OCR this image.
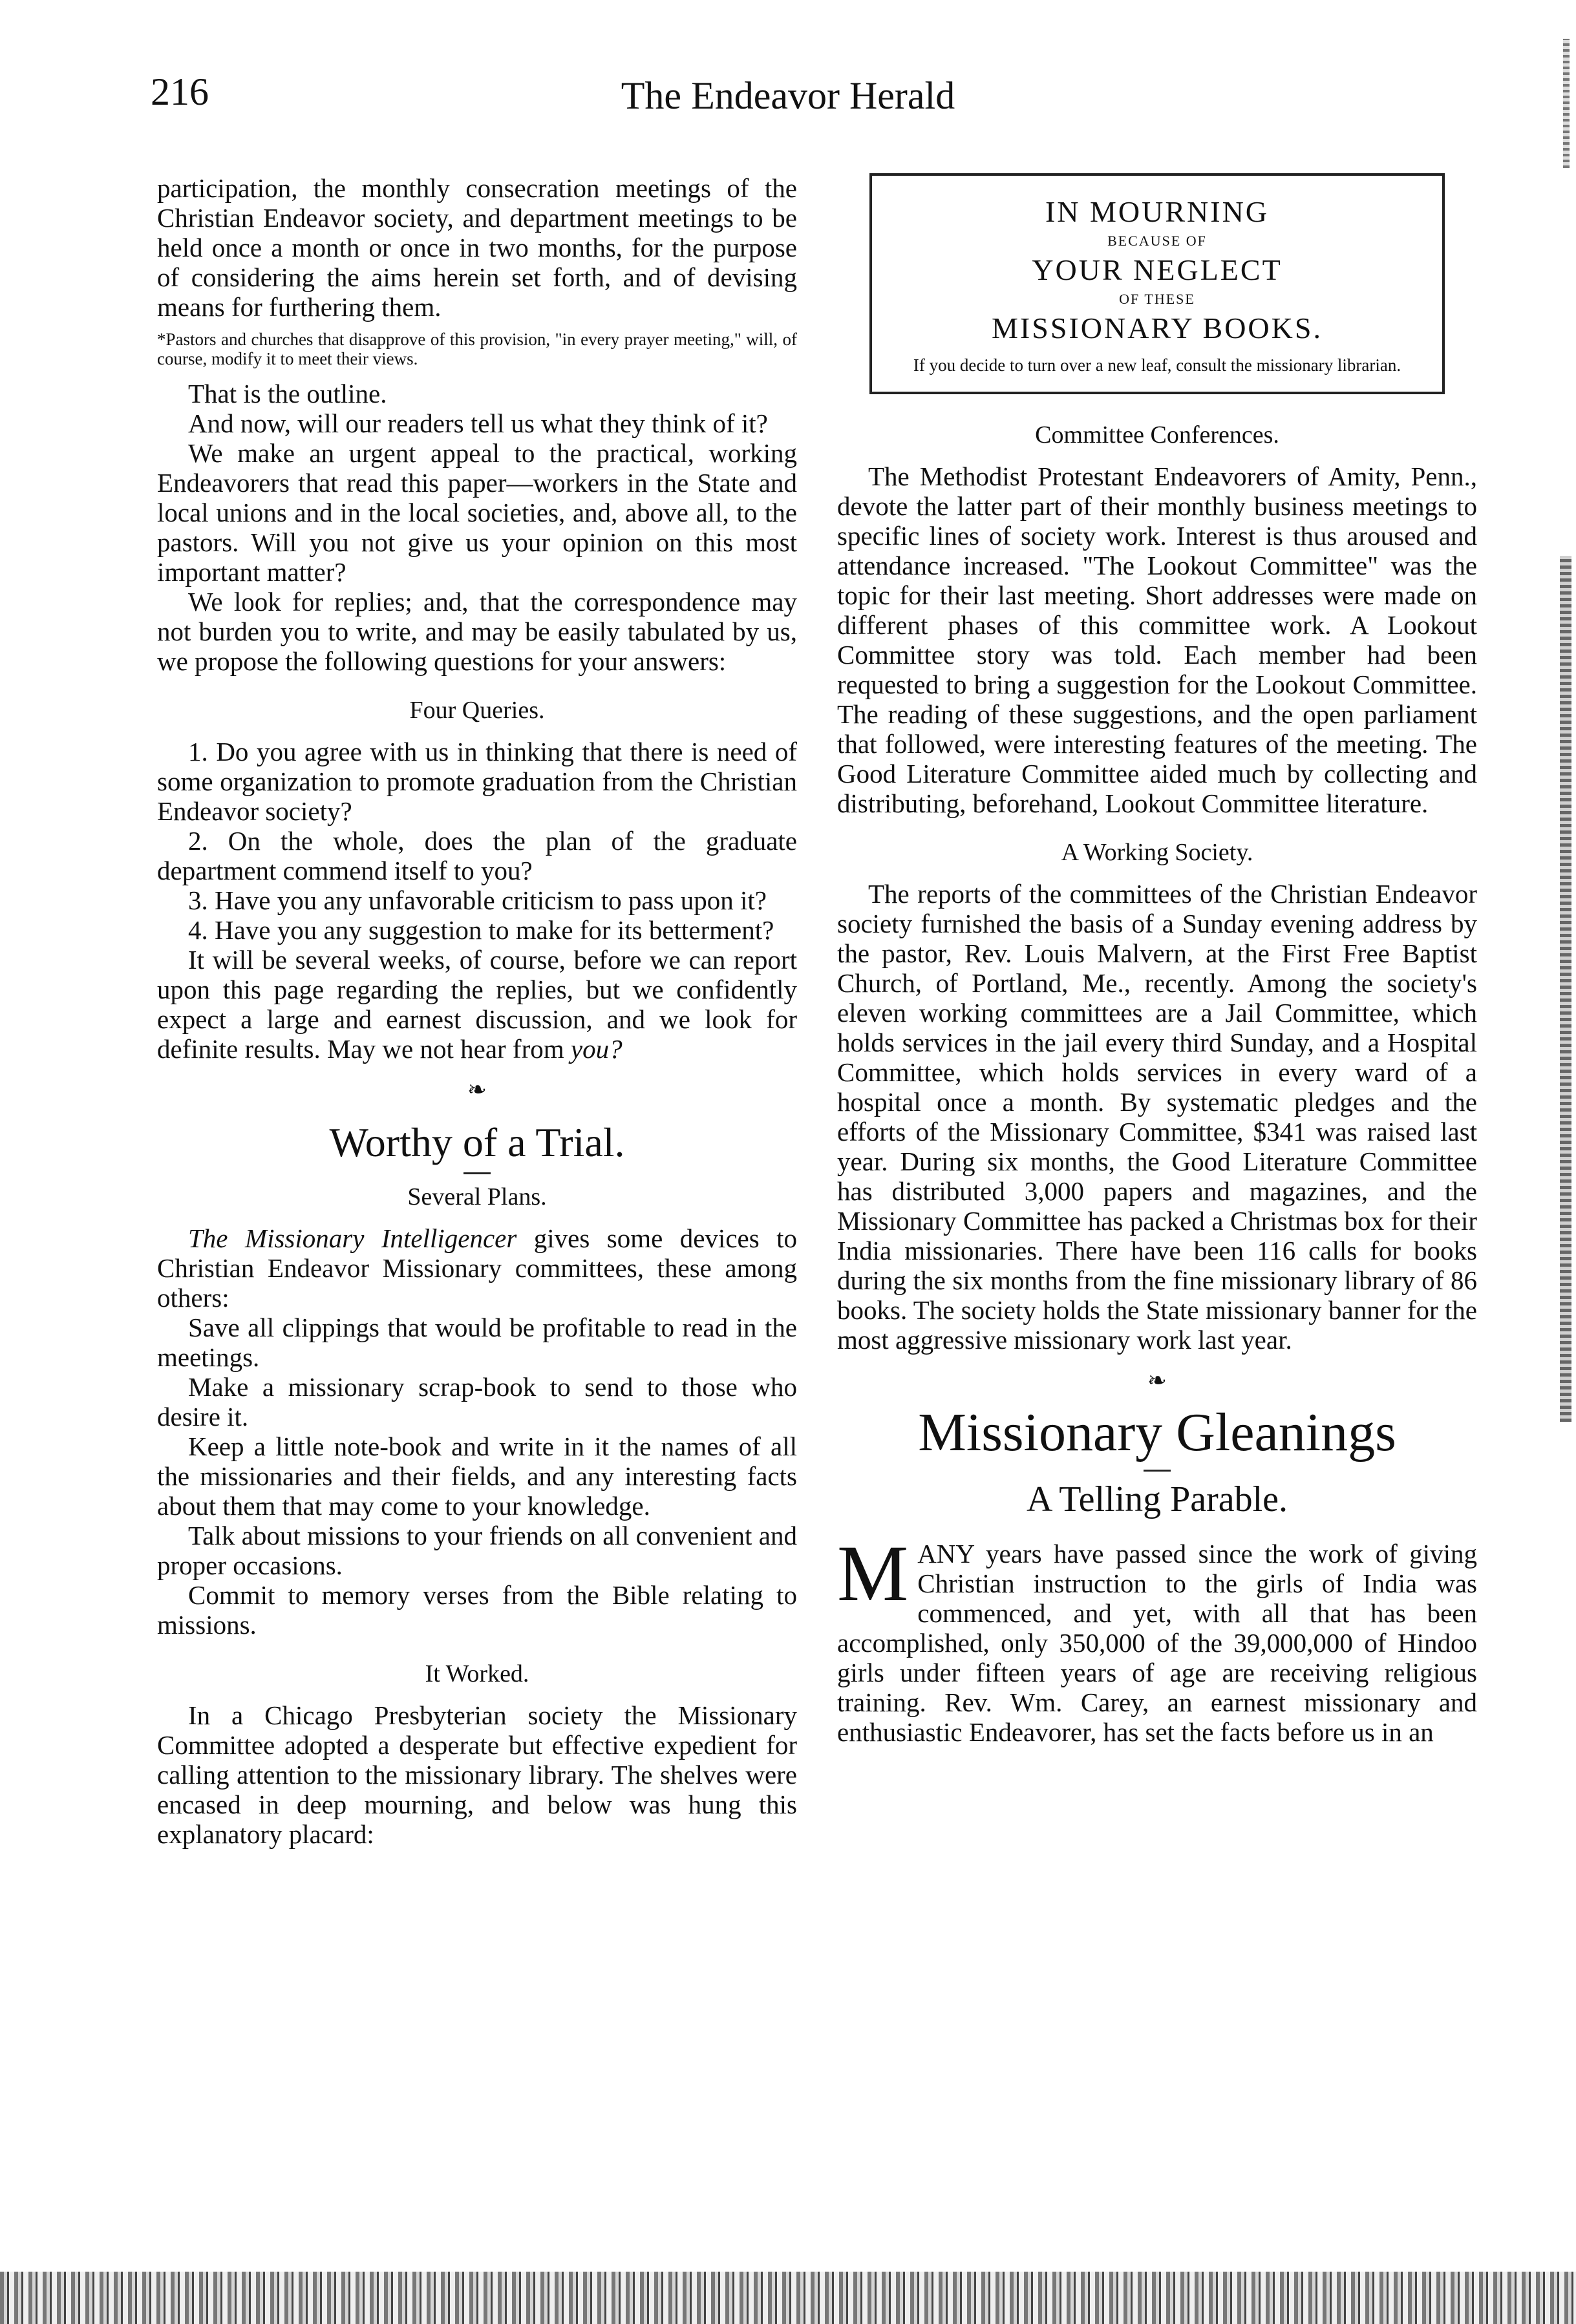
216	The Endeavor Herald

participation, the monthly consecration meetings of the Christian Endeavor society, and department meetings to be held once a month or once in two months, for the purpose of considering the aims herein set forth, and of devising means for furthering them.

*Pastors and churches that disapprove of this provision, "in every prayer meeting," will, of course, modify it to meet their views.

That is the outline.

And now, will our readers tell us what they think of it?

We make an urgent appeal to the practical, working Endeavorers that read this paper—workers in the State and local unions and in the local societies, and, above all, to the pastors. Will you not give us your opinion on this most important matter?

We look for replies; and, that the correspondence may not burden you to write, and may be easily tabulated by us, we propose the following questions for your answers:

Four Queries.

1. Do you agree with us in thinking that there is need of some organization to promote graduation from the Christian Endeavor society?

2. On the whole, does the plan of the graduate department commend itself to you?

3. Have you any unfavorable criticism to pass upon it?

4. Have you any suggestion to make for its betterment?

It will be several weeks, of course, before we can report upon this page regarding the replies, but we confidently expect a large and earnest discussion, and we look for definite results. May we not hear from you?

❧
Worthy of a Trial.
Several Plans.

The Missionary Intelligencer gives some devices to Christian Endeavor Missionary committees, these among others:

Save all clippings that would be profitable to read in the meetings.

Make a missionary scrap-book to send to those who desire it.

Keep a little note-book and write in it the names of all the missionaries and their fields, and any interesting facts about them that may come to your knowledge.

Talk about missions to your friends on all convenient and proper occasions.

Commit to memory verses from the Bible relating to missions.

It Worked.

In a Chicago Presbyterian society the Missionary Committee adopted a desperate but effective expedient for calling attention to the missionary library. The shelves were encased in deep mourning, and below was hung this explanatory placard:

IN MOURNING
BECAUSE OF
YOUR NEGLECT
OF THESE
MISSIONARY BOOKS.
If you decide to turn over a new leaf, consult the missionary librarian.
Committee Conferences.

The Methodist Protestant Endeavorers of Amity, Penn., devote the latter part of their monthly business meetings to specific lines of society work. Interest is thus aroused and attendance increased. "The Lookout Committee" was the topic for their last meeting. Short addresses were made on different phases of this committee work. A Lookout Committee story was told. Each member had been requested to bring a suggestion for the Lookout Committee. The reading of these suggestions, and the open parliament that followed, were interesting features of the meeting. The Good Literature Committee aided much by collecting and distributing, beforehand, Lookout Committee literature.

A Working Society.

The reports of the committees of the Christian Endeavor society furnished the basis of a Sunday evening address by the pastor, Rev. Louis Malvern, at the First Free Baptist Church, of Portland, Me., recently. Among the society's eleven working committees are a Jail Committee, which holds services in the jail every third Sunday, and a Hospital Committee, which holds services in every ward of a hospital once a month. By systematic pledges and the efforts of the Missionary Committee, $341 was raised last year. During six months, the Good Literature Committee has distributed 3,000 papers and magazines, and the Missionary Committee has packed a Christmas box for their India missionaries. There have been 116 calls for books during the six months from the fine missionary library of 86 books. The society holds the State missionary banner for the most aggressive missionary work last year.

❧
Missionary Gleanings
A Telling Parable.

MANY years have passed since the work of giving Christian instruction to the girls of India was commenced, and yet, with all that has been accomplished, only 350,000 of the 39,000,000 of Hindoo girls under fifteen years of age are receiving religious training. Rev. Wm. Carey, an earnest missionary and enthusiastic Endeavorer, has set the facts before us in an
